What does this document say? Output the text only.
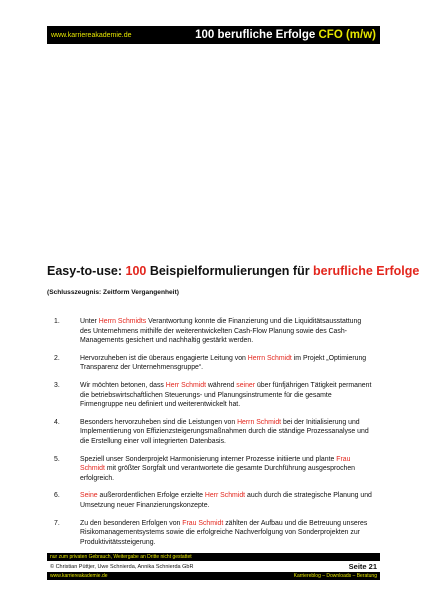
www.karriereakademie.de	100 berufliche Erfolge CFO (m/w)
Easy-to-use: 100 Beispielformulierungen für berufliche Erfolge
(Schlusszeugnis: Zeitform Vergangenheit)
1.	Unter Herrn Schmidts Verantwortung konnte die Finanzierung und die Liquiditätsausstattung des Unternehmens mithilfe der weiterentwickelten Cash-Flow Planung sowie des Cash-Managements gesichert und nachhaltig gestärkt werden.
2.	Hervorzuheben ist die überaus engagierte Leitung von Herrn Schmidt im Projekt „Optimierung Transparenz der Unternehmensgruppe“.
3.	Wir möchten betonen, dass Herr Schmidt während seiner über fünfjährigen Tätigkeit permanent die betriebswirtschaftlichen Steuerungs- und Planungsinstrumente für die gesamte Firmengruppe neu definiert und weiterentwickelt hat.
4.	Besonders hervorzuheben sind die Leistungen von Herrn Schmidt bei der Initialisierung und Implementierung von Effizienzsteigerungsmaßnahmen durch die ständige Prozessanalyse und die Erstellung einer voll integrierten Datenbasis.
5.	Speziell unser Sonderprojekt Harmonisierung interner Prozesse initiierte und plante Frau Schmidt mit größter Sorgfalt und verantwortete die gesamte Durchführung ausgesprochen erfolgreich.
6.	Seine außerordentlichen Erfolge erzielte Herr Schmidt auch durch die strategische Planung und Umsetzung neuer Finanzierungskonzepte.
7.	Zu den besonderen Erfolgen von Frau Schmidt zählten der Aufbau und die Betreuung unseres Risikomanagementsystems sowie die erfolgreiche Nachverfolgung von Sonderprojekten zur Produktivitätssteigerung.
nur zum privaten Gebrauch, Weitergabe an Dritte nicht gestattet
© Christian Püttjer, Uwe Schnierda, Annika Schnierda GbR	Seite 21
www.karriereakademie.de	Karriereblog – Downloads – Beratung
